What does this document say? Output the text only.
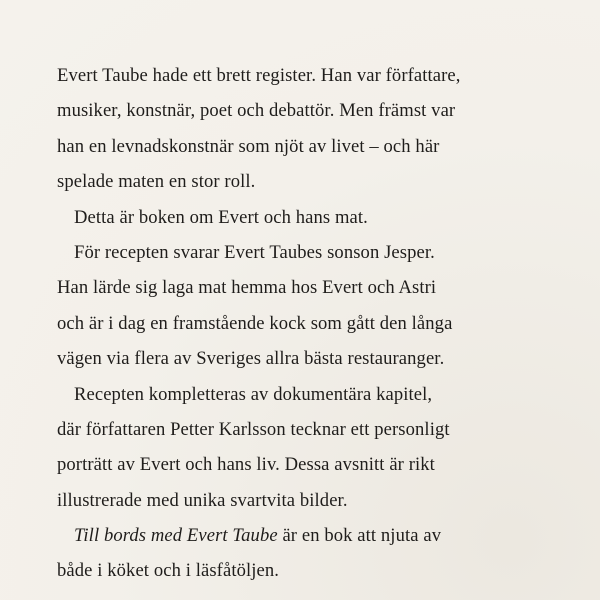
Evert Taube hade ett brett register. Han var författare,
musiker, konstnär, poet och debattör. Men främst var
han en levnadskonstnär som njöt av livet – och här
spelade maten en stor roll.
Detta är boken om Evert och hans mat.
För recepten svarar Evert Taubes sonson Jesper.
Han lärde sig laga mat hemma hos Evert och Astri
och är i dag en framstående kock som gått den långa
vägen via flera av Sveriges allra bästa restauranger.
Recepten kompletteras av dokumentära kapitel,
där författaren Petter Karlsson tecknar ett personligt
porträtt av Evert och hans liv. Dessa avsnitt är rikt
illustrerade med unika svartvita bilder.
Till bords med Evert Taube är en bok att njuta av
både i köket och i läsfåtöljen.
